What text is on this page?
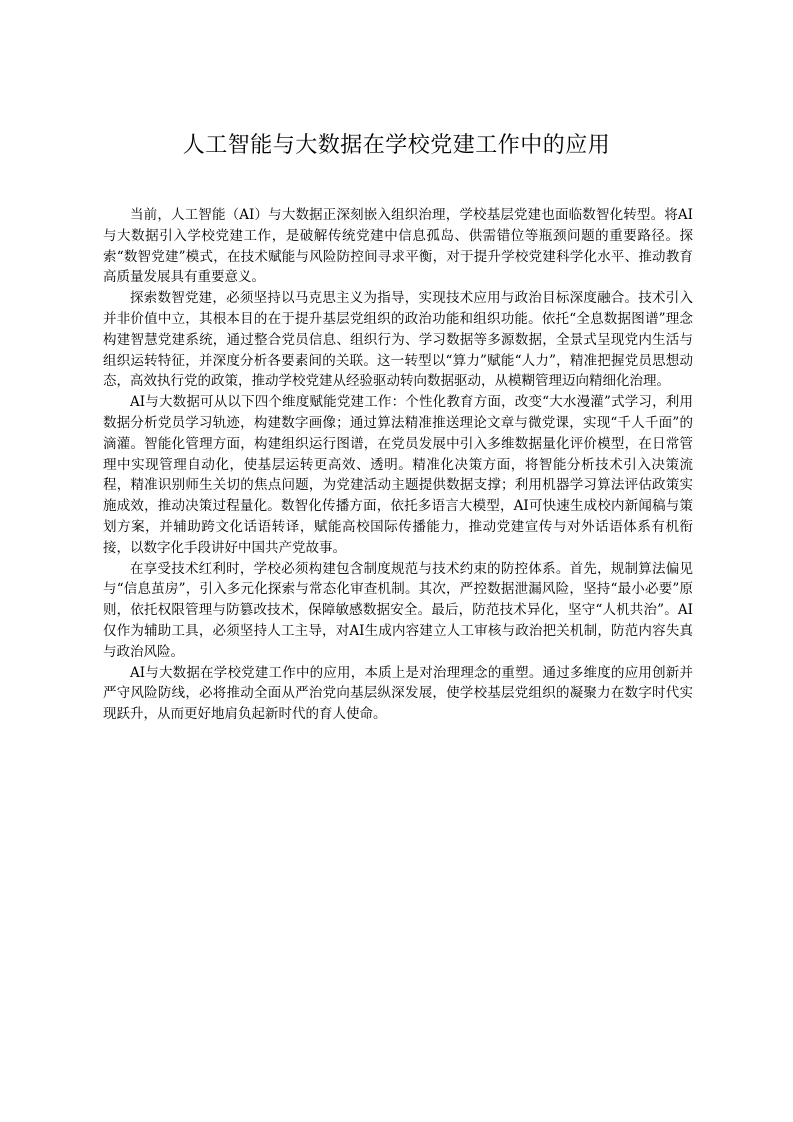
人工智能与大数据在学校党建工作中的应用

当前，人工智能（AI）与大数据正深刻嵌入组织治理，学校基层党建也面临数智化转型。将AI与大数据引入学校党建工作，是破解传统党建中信息孤岛、供需错位等瓶颈问题的重要路径。探索“数智党建”模式，在技术赋能与风险防控间寻求平衡，对于提升学校党建科学化水平、推动教育高质量发展具有重要意义。

探索数智党建，必须坚持以马克思主义为指导，实现技术应用与政治目标深度融合。技术引入并非价值中立，其根本目的在于提升基层党组织的政治功能和组织功能。依托“全息数据图谱”理念构建智慧党建系统，通过整合党员信息、组织行为、学习数据等多源数据，全景式呈现党内生活与组织运转特征，并深度分析各要素间的关联。这一转型以“算力”赋能“人力”，精准把握党员思想动态，高效执行党的政策，推动学校党建从经验驱动转向数据驱动，从模糊管理迈向精细化治理。

AI与大数据可从以下四个维度赋能党建工作：个性化教育方面，改变“大水漫灌”式学习，利用数据分析党员学习轨迹，构建数字画像；通过算法精准推送理论文章与微党课，实现“千人千面”的滴灌。智能化管理方面，构建组织运行图谱，在党员发展中引入多维数据量化评价模型，在日常管理中实现管理自动化，使基层运转更高效、透明。精准化决策方面，将智能分析技术引入决策流程，精准识别师生关切的焦点问题，为党建活动主题提供数据支撑；利用机器学习算法评估政策实施成效，推动决策过程量化。数智化传播方面，依托多语言大模型，AI可快速生成校内新闻稿与策划方案，并辅助跨文化话语转译，赋能高校国际传播能力，推动党建宣传与对外话语体系有机衔接，以数字化手段讲好中国共产党故事。

在享受技术红利时，学校必须构建包含制度规范与技术约束的防控体系。首先，规制算法偏见与“信息茧房”，引入多元化探索与常态化审查机制。其次，严控数据泄漏风险，坚持“最小必要”原则，依托权限管理与防篡改技术，保障敏感数据安全。最后，防范技术异化，坚守“人机共治”。AI仅作为辅助工具，必须坚持人工主导，对AI生成内容建立人工审核与政治把关机制，防范内容失真与政治风险。

AI与大数据在学校党建工作中的应用，本质上是对治理理念的重塑。通过多维度的应用创新并严守风险防线，必将推动全面从严治党向基层纵深发展，使学校基层党组织的凝聚力在数字时代实现跃升，从而更好地肩负起新时代的育人使命。
